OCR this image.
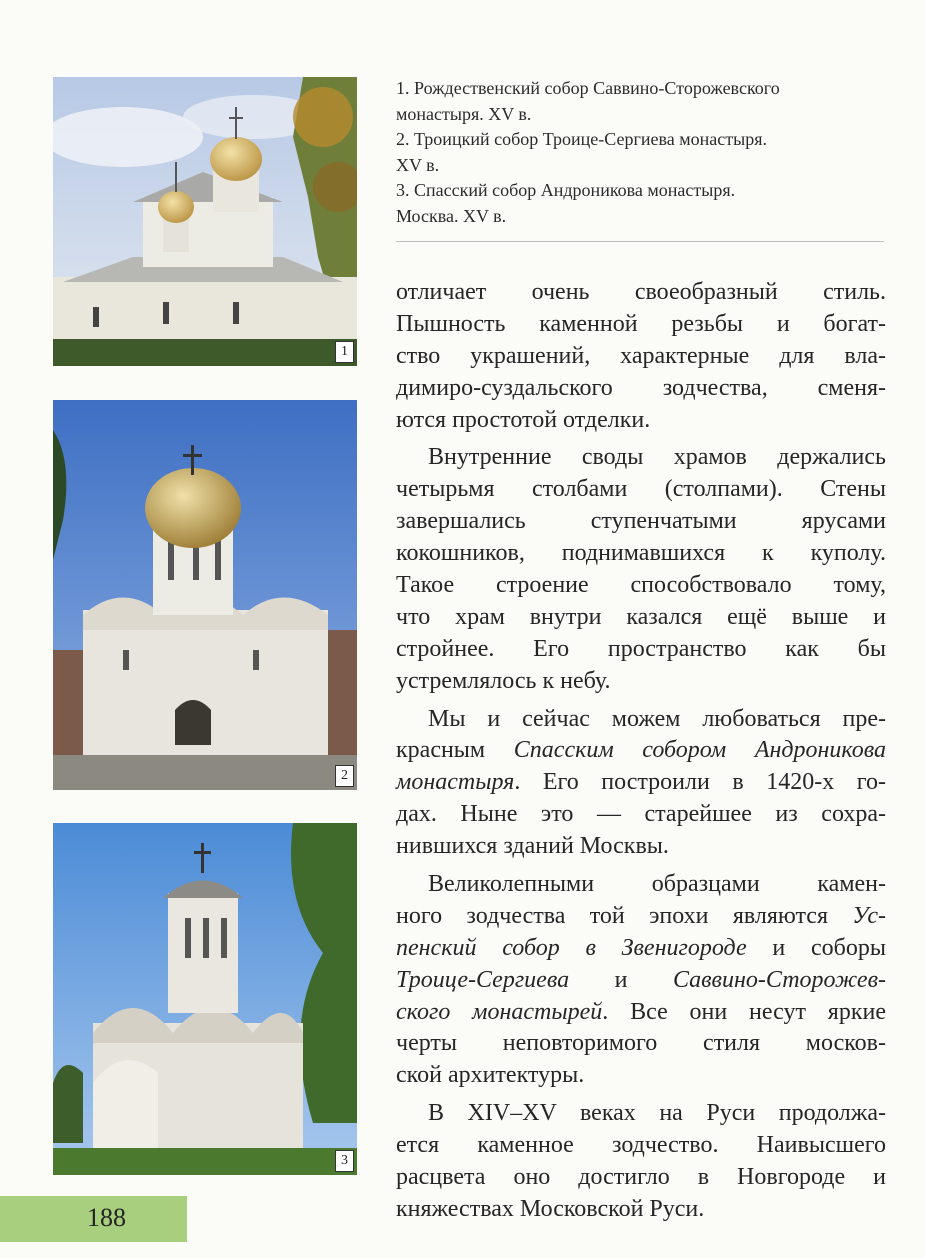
1
2
3

1. Рождественский собор Саввино-Сторожевского

монастыря. XV в.

2. Троицкий собор Троице-Сергиева монастыря.

XV в.

3. Спасский собор Андроникова монастыря.

Москва. XV в.

отличает очень своеобразный стиль.
Пышность каменной резьбы и богат-
ство украшений, характерные для вла-
димиро-суздальского зодчества, сменя-
ются простотой отделки.
Внутренние своды храмов держались
четырьмя столбами (столпами). Стены
завершались ступенчатыми ярусами
кокошников, поднимавшихся к куполу.
Такое строение способствовало тому,
что храм внутри казался ещё выше и
стройнее. Его пространство как бы
устремлялось к небу.
Мы и сейчас можем любоваться пре-
красным Спасским собором Андроникова
монастыря. Его построили в 1420-х го-
дах. Ныне это — старейшее из сохра-
нившихся зданий Москвы.
Великолепными образцами камен-
ного зодчества той эпохи являются Ус-
пенский собор в Звенигороде и соборы
Троице-Сергиева и Саввино-Сторожев-
ского монастырей. Все они несут яркие
черты неповторимого стиля москов-
ской архитектуры.
В XIV–XV веках на Руси продолжа-
ется каменное зодчество. Наивысшего
расцвета оно достигло в Новгороде и
княжествах Московской Руси.
188
